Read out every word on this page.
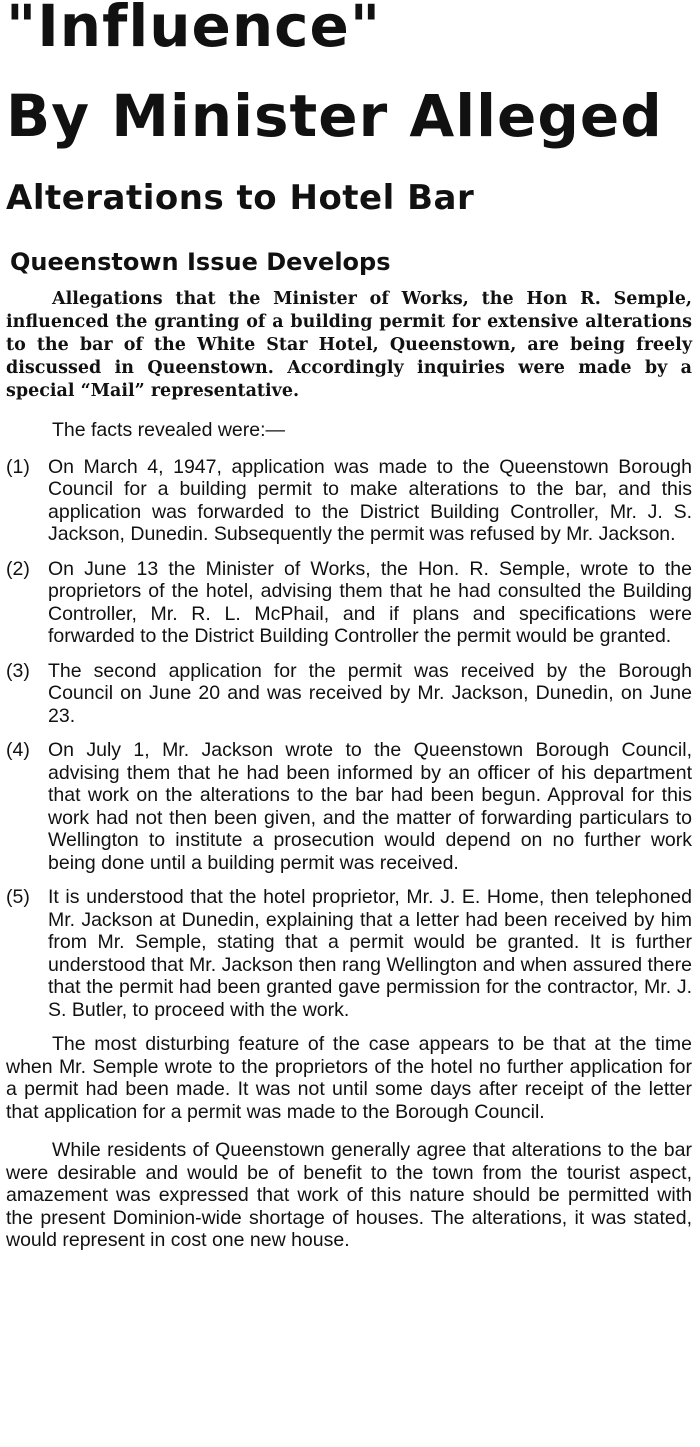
"Influence"
By Minister Alleged
Alterations to Hotel Bar
Queenstown Issue Develops

Allegations that the Minister of Works, the Hon R. Semple, influenced the granting of a building permit for extensive alterations to the bar of the White Star Hotel, Queenstown, are being freely discussed in Queenstown. Accordingly inquiries were made by a special “Mail” representative.

The facts revealed were:—

(1) On March 4, 1947, application was made to the Queenstown Borough Council for a building permit to make alterations to the bar, and this application was forwarded to the District Building Controller, Mr. J. S. Jackson, Dunedin. Subsequently the permit was refused by Mr. Jackson.
(2) On June 13 the Minister of Works, the Hon. R. Semple, wrote to the proprietors of the hotel, advising them that he had consulted the Building Controller, Mr. R. L. McPhail, and if plans and specifications were forwarded to the District Building Controller the permit would be granted.
(3) The second application for the permit was received by the Borough Council on June 20 and was received by Mr. Jackson, Dunedin, on June 23.
(4) On July 1, Mr. Jackson wrote to the Queenstown Borough Council, advising them that he had been informed by an officer of his department that work on the alterations to the bar had been begun. Approval for this work had not then been given, and the matter of forwarding particulars to Wellington to institute a prosecution would depend on no further work being done until a building permit was received.
(5) It is understood that the hotel proprietor, Mr. J. E. Home, then telephoned Mr. Jackson at Dunedin, explaining that a letter had been received by him from Mr. Semple, stating that a permit would be granted. It is further understood that Mr. Jackson then rang Wellington and when assured there that the permit had been granted gave permission for the contractor, Mr. J. S. Butler, to proceed with the work.

The most disturbing feature of the case appears to be that at the time when Mr. Semple wrote to the proprietors of the hotel no further application for a permit had been made. It was not until some days after receipt of the letter that application for a permit was made to the Borough Council.

While residents of Queenstown generally agree that alterations to the bar were desirable and would be of benefit to the town from the tourist aspect, amazement was expressed that work of this nature should be permitted with the present Dominion-wide shortage of houses. The alterations, it was stated, would represent in cost one new house.
